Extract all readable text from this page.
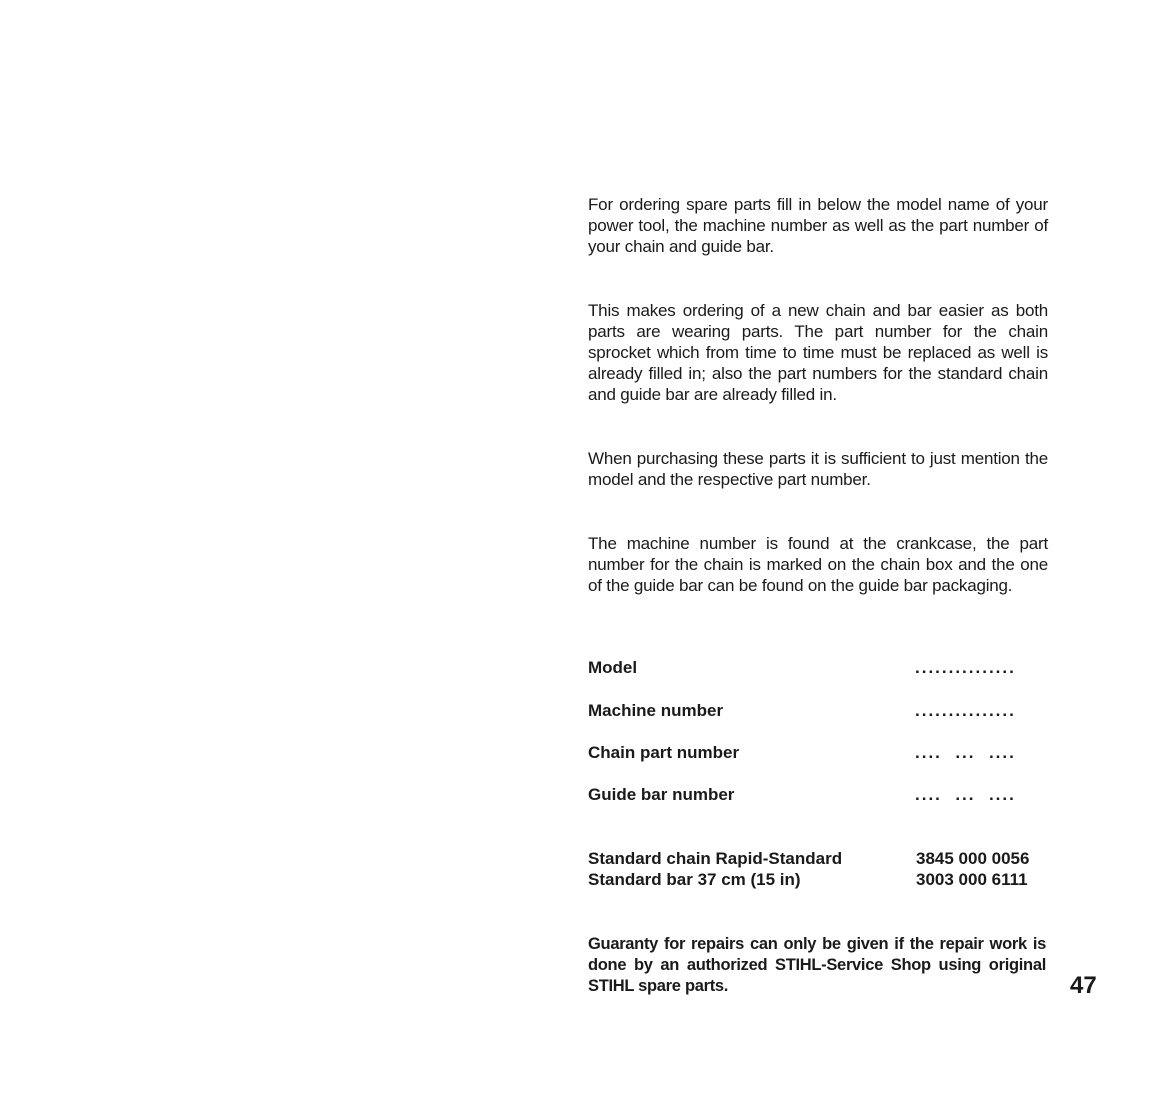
For ordering spare parts fill in below the model name of your power tool, the machine number as well as the part number of your chain and guide bar.

This makes ordering of a new chain and bar easier as both parts are wearing parts. The part number for the chain sprocket which from time to time must be replaced as well is already filled in; also the part numbers for the standard chain and guide bar are already filled in.

When purchasing these parts it is sufficient to just mention the model and the respective part number.

The machine number is found at the crankcase, the part number for the chain is marked on the chain box and the one of the guide bar can be found on the guide bar packaging.

Model	...............
Machine number	...............
Chain part number	....  ...  ....
Guide bar number	....  ...  ....
Standard chain Rapid-Standard	3845 000 0056
Standard bar 37 cm (15 in)	3003 000 6111

Guaranty for repairs can only be given if the repair work is done by an authorized STIHL-Service Shop using original STIHL spare parts.	47
